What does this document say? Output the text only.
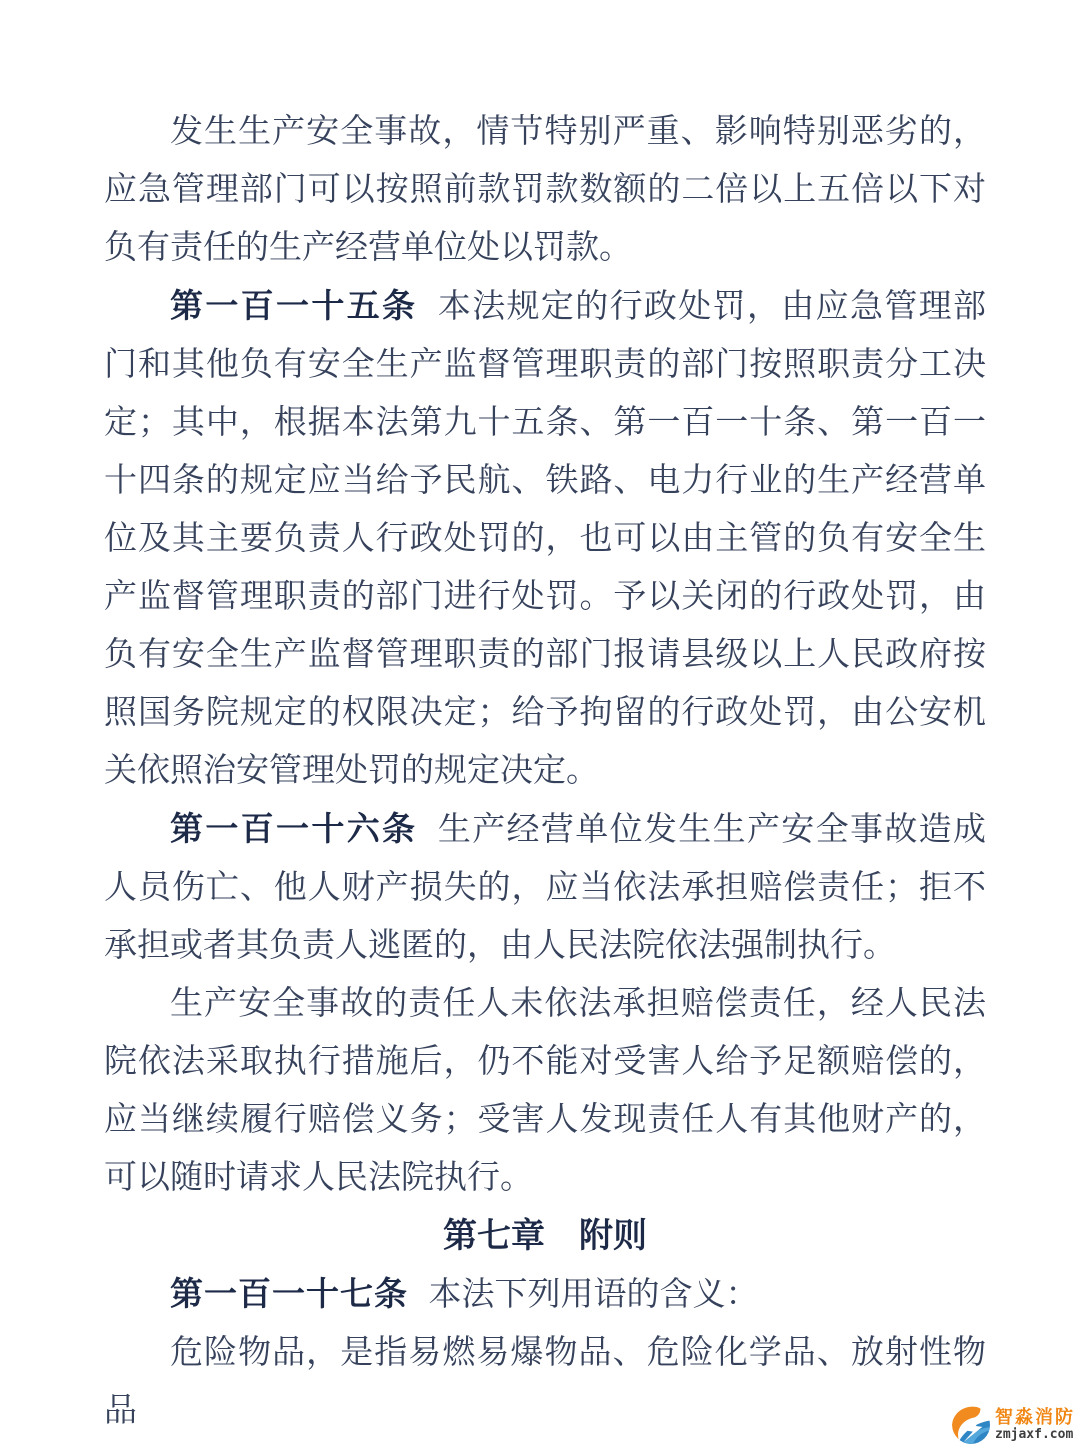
发生生产安全事故，情节特别严重、影响特别恶劣的，应急管理部门可以按照前款罚款数额的二倍以上五倍以下对负有责任的生产经营单位处以罚款。

第一百一十五条 本法规定的行政处罚，由应急管理部门和其他负有安全生产监督管理职责的部门按照职责分工决定；其中，根据本法第九十五条、第一百一十条、第一百一十四条的规定应当给予民航、铁路、电力行业的生产经营单位及其主要负责人行政处罚的，也可以由主管的负有安全生产监督管理职责的部门进行处罚。予以关闭的行政处罚，由负有安全生产监督管理职责的部门报请县级以上人民政府按照国务院规定的权限决定；给予拘留的行政处罚，由公安机关依照治安管理处罚的规定决定。

第一百一十六条 生产经营单位发生生产安全事故造成人员伤亡、他人财产损失的，应当依法承担赔偿责任；拒不承担或者其负责人逃匿的，由人民法院依法强制执行。

生产安全事故的责任人未依法承担赔偿责任，经人民法院依法采取执行措施后，仍不能对受害人给予足额赔偿的，应当继续履行赔偿义务；受害人发现责任人有其他财产的，可以随时请求人民法院执行。

第七章　附则

第一百一十七条 本法下列用语的含义：

危险物品，是指易燃易爆物品、危险化学品、放射性物品	智淼消防
zmjaxf.com
